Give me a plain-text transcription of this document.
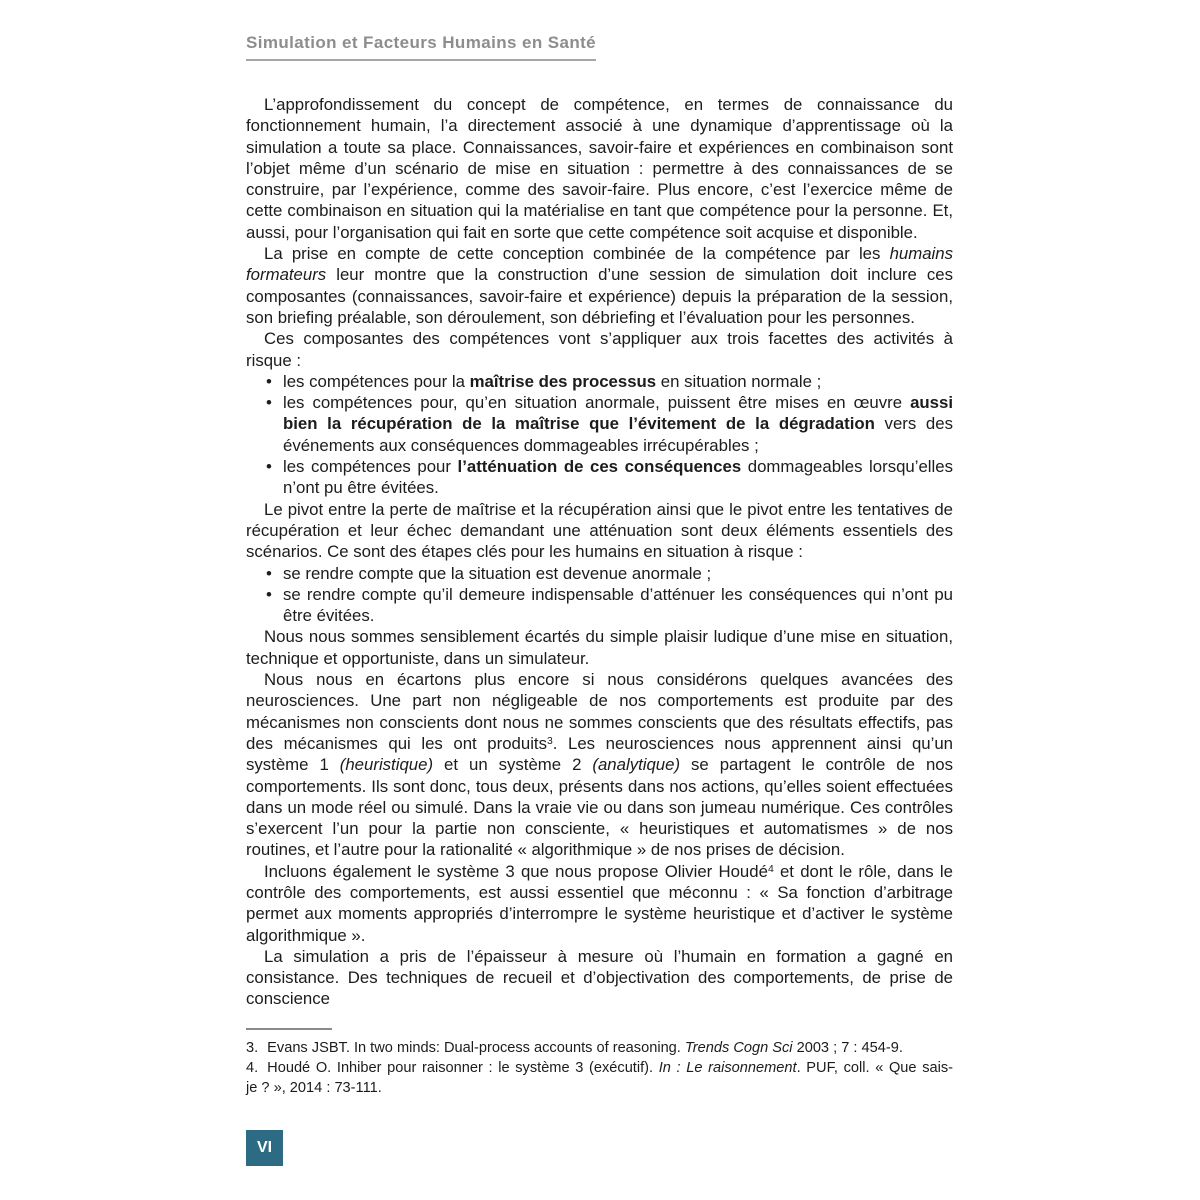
Simulation et Facteurs Humains en Santé

L’approfondissement du concept de compétence, en termes de connaissance du fonctionnement humain, l’a directement associé à une dynamique d’apprentissage où la simulation a toute sa place. Connaissances, savoir-faire et expériences en combinaison sont l’objet même d’un scénario de mise en situation : permettre à des connaissances de se construire, par l’expérience, comme des savoir-faire. Plus encore, c’est l’exercice même de cette combinaison en situation qui la matérialise en tant que compétence pour la personne. Et, aussi, pour l’organisation qui fait en sorte que cette compétence soit acquise et disponible.

La prise en compte de cette conception combinée de la compétence par les humains formateurs leur montre que la construction d’une session de simulation doit inclure ces composantes (connaissances, savoir-faire et expérience) depuis la préparation de la session, son briefing préalable, son déroulement, son débriefing et l’évaluation pour les personnes.

Ces composantes des compétences vont s’appliquer aux trois facettes des activités à risque :

• les compétences pour la maîtrise des processus en situation normale ;
• les compétences pour, qu’en situation anormale, puissent être mises en œuvre aussi bien la récupération de la maîtrise que l’évitement de la dégradation vers des événements aux conséquences dommageables irrécupérables ;
• les compétences pour l’atténuation de ces conséquences dommageables lorsqu’elles n’ont pu être évitées.

Le pivot entre la perte de maîtrise et la récupération ainsi que le pivot entre les tentatives de récupération et leur échec demandant une atténuation sont deux éléments essentiels des scénarios. Ce sont des étapes clés pour les humains en situation à risque :

• se rendre compte que la situation est devenue anormale ;
• se rendre compte qu’il demeure indispensable d’atténuer les conséquences qui n’ont pu être évitées.

Nous nous sommes sensiblement écartés du simple plaisir ludique d’une mise en situation, technique et opportuniste, dans un simulateur.

Nous nous en écartons plus encore si nous considérons quelques avancées des neurosciences. Une part non négligeable de nos comportements est produite par des mécanismes non conscients dont nous ne sommes conscients que des résultats effectifs, pas des mécanismes qui les ont produits$^3$. Les neurosciences nous apprennent ainsi qu’un système 1 (heuristique) et un système 2 (analytique) se partagent le contrôle de nos comportements. Ils sont donc, tous deux, présents dans nos actions, qu’elles soient effectuées dans un mode réel ou simulé. Dans la vraie vie ou dans son jumeau numérique. Ces contrôles s’exercent l’un pour la partie non consciente, « heuristiques et automatismes » de nos routines, et l’autre pour la rationalité « algorithmique » de nos prises de décision.

Incluons également le système 3 que nous propose Olivier Houdé$^4$ et dont le rôle, dans le contrôle des comportements, est aussi essentiel que méconnu : « Sa fonction d’arbitrage permet aux moments appropriés d’interrompre le système heuristique et d’activer le système algorithmique ».

La simulation a pris de l’épaisseur à mesure où l’humain en formation a gagné en consistance. Des techniques de recueil et d’objectivation des comportements, de prise de conscience

3. Evans JSBT. In two minds: Dual-process accounts of reasoning. Trends Cogn Sci 2003 ; 7 : 454-9.

4. Houdé O. Inhiber pour raisonner : le système 3 (exécutif). In : Le raisonnement. PUF, coll. « Que sais-je ? », 2014 : 73-111.

VI
